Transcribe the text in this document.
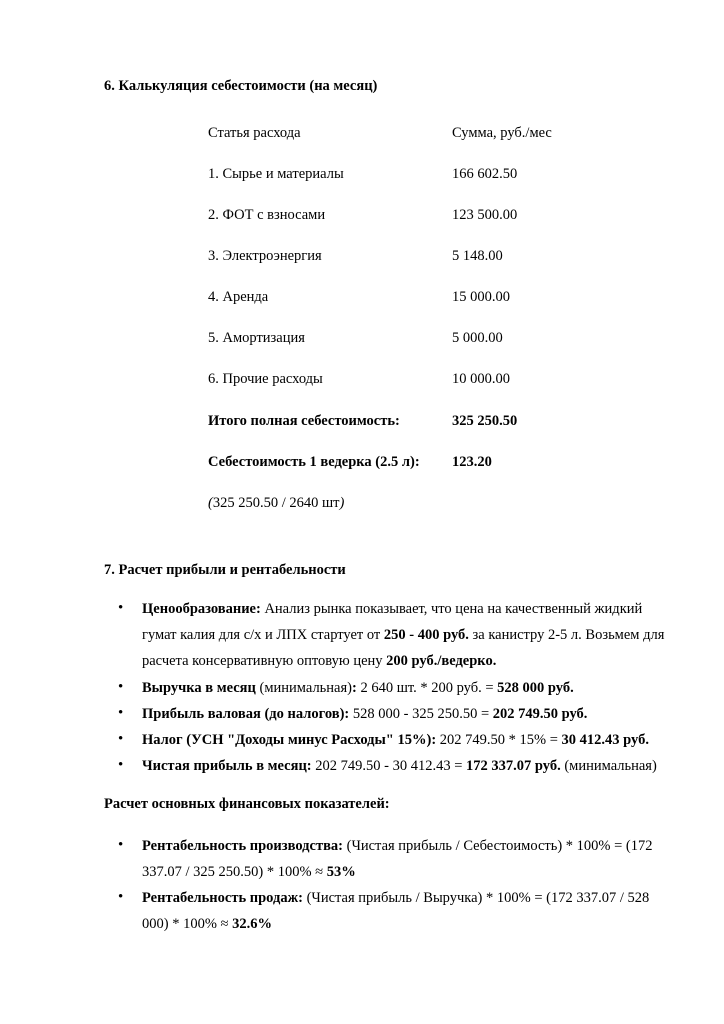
6. Калькуляция себестоимости (на месяц)
Статья расхода	Сумма, руб./мес
1. Сырье и материалы	166 602.50
2. ФОТ с взносами	123 500.00
3. Электроэнергия	5 148.00
4. Аренда	15 000.00
5. Амортизация	5 000.00
6. Прочие расходы	10 000.00
Итого полная себестоимость:	325 250.50
Себестоимость 1 ведерка (2.5 л): 123.20
(325 250.50 / 2640 шт)
7. Расчет прибыли и рентабельности
• Ценообразование: Анализ рынка показывает, что цена на качественный жидкий
гумат калия для с/х и ЛПХ стартует от 250 - 400 руб. за канистру 2-5 л. Возьмем для
расчета консервативную оптовую цену 200 руб./ведерко.
• Выручка в месяц (минимальная): 2 640 шт. * 200 руб. = 528 000 руб.
• Прибыль валовая (до налогов): 528 000 - 325 250.50 = 202 749.50 руб.
• Налог (УСН "Доходы минус Расходы" 15%): 202 749.50 * 15% = 30 412.43 руб.
• Чистая прибыль в месяц: 202 749.50 - 30 412.43 = 172 337.07 руб. (минимальная)
Расчет основных финансовых показателей:
• Рентабельность производства: (Чистая прибыль / Себестоимость) * 100% = (172
337.07 / 325 250.50) * 100% ≈ 53%
• Рентабельность продаж: (Чистая прибыль / Выручка) * 100% = (172 337.07 / 528
000) * 100% ≈ 32.6%
